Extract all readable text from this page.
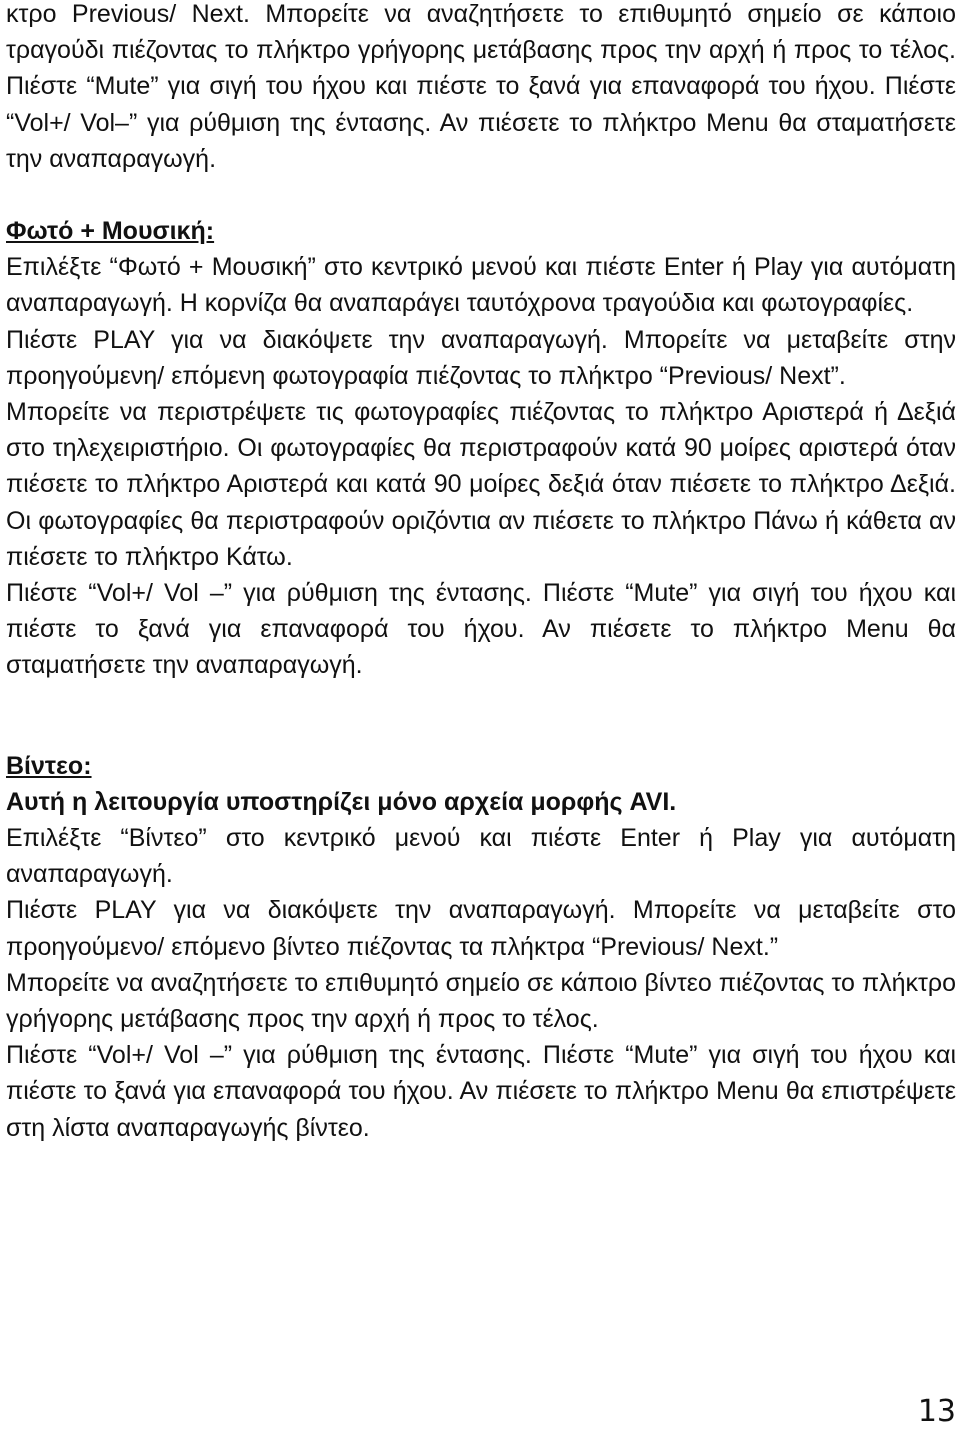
κτρο Previous/ Next. Μπορείτε να αναζητήσετε το επιθυμητό σημείο σε κάποιο τραγούδι πιέζοντας το πλήκτρο γρήγορης μετάβασης προς την αρχή ή προς το τέλος. Πιέστε “Mute” για σιγή του ήχου και πιέστε το ξανά για επαναφορά του ήχου. Πιέστε “Vol+/ Vol–” για ρύθμιση της έντασης. Αν πιέσετε το πλήκτρο Menu θα σταματήσετε την αναπαραγωγή.

Φωτό + Μουσική:

Επιλέξτε “Φωτό + Μουσική” στο κεντρικό μενού και πιέστε Enter ή Play για αυτόματη αναπαραγωγή. Η κορνίζα θα αναπαράγει ταυτόχρονα τραγούδια και φωτογραφίες.

Πιέστε PLAY για να διακόψετε την αναπαραγωγή. Μπορείτε να μεταβείτε στην προηγούμενη/ επόμενη φωτογραφία πιέζοντας το πλήκτρο “Previous/ Next”.

Μπορείτε να περιστρέψετε τις φωτογραφίες πιέζοντας το πλήκτρο Αριστερά ή Δεξιά στο τηλεχειριστήριο. Οι φωτογραφίες θα περιστραφούν κατά 90 μοίρες αριστερά όταν πιέσετε το πλήκτρο Αριστερά και κατά 90 μοίρες δεξιά όταν πιέσετε το πλήκτρο Δεξιά. Οι φωτογραφίες θα περιστραφούν οριζόντια αν πιέσετε το πλήκτρο Πάνω ή κάθετα αν πιέσετε το πλήκτρο Κάτω.

Πιέστε “Vol+/ Vol –” για ρύθμιση της έντασης. Πιέστε “Mute” για σιγή του ήχου και πιέστε το ξανά για επαναφορά του ήχου. Αν πιέσετε το πλήκτρο Menu θα σταματήσετε την αναπαραγωγή.

Βίντεο:

Αυτή η λειτουργία υποστηρίζει μόνο αρχεία μορφής AVI.

Επιλέξτε “Βίντεο” στο κεντρικό μενού και πιέστε Enter ή Play για αυτόματη αναπαραγωγή.

Πιέστε PLAY για να διακόψετε την αναπαραγωγή. Μπορείτε να μεταβείτε στο προηγούμενο/ επόμενο βίντεο πιέζοντας τα πλήκτρα “Previous/ Next.”

Μπορείτε να αναζητήσετε το επιθυμητό σημείο σε κάποιο βίντεο πιέζοντας το πλήκτρο γρήγορης μετάβασης προς την αρχή ή προς το τέλος.

Πιέστε “Vol+/ Vol –” για ρύθμιση της έντασης. Πιέστε “Mute” για σιγή του ήχου και πιέστε το ξανά για επαναφορά του ήχου. Αν πιέσετε το πλήκτρο Menu θα επιστρέψετε στη λίστα αναπαραγωγής βίντεο.

13
